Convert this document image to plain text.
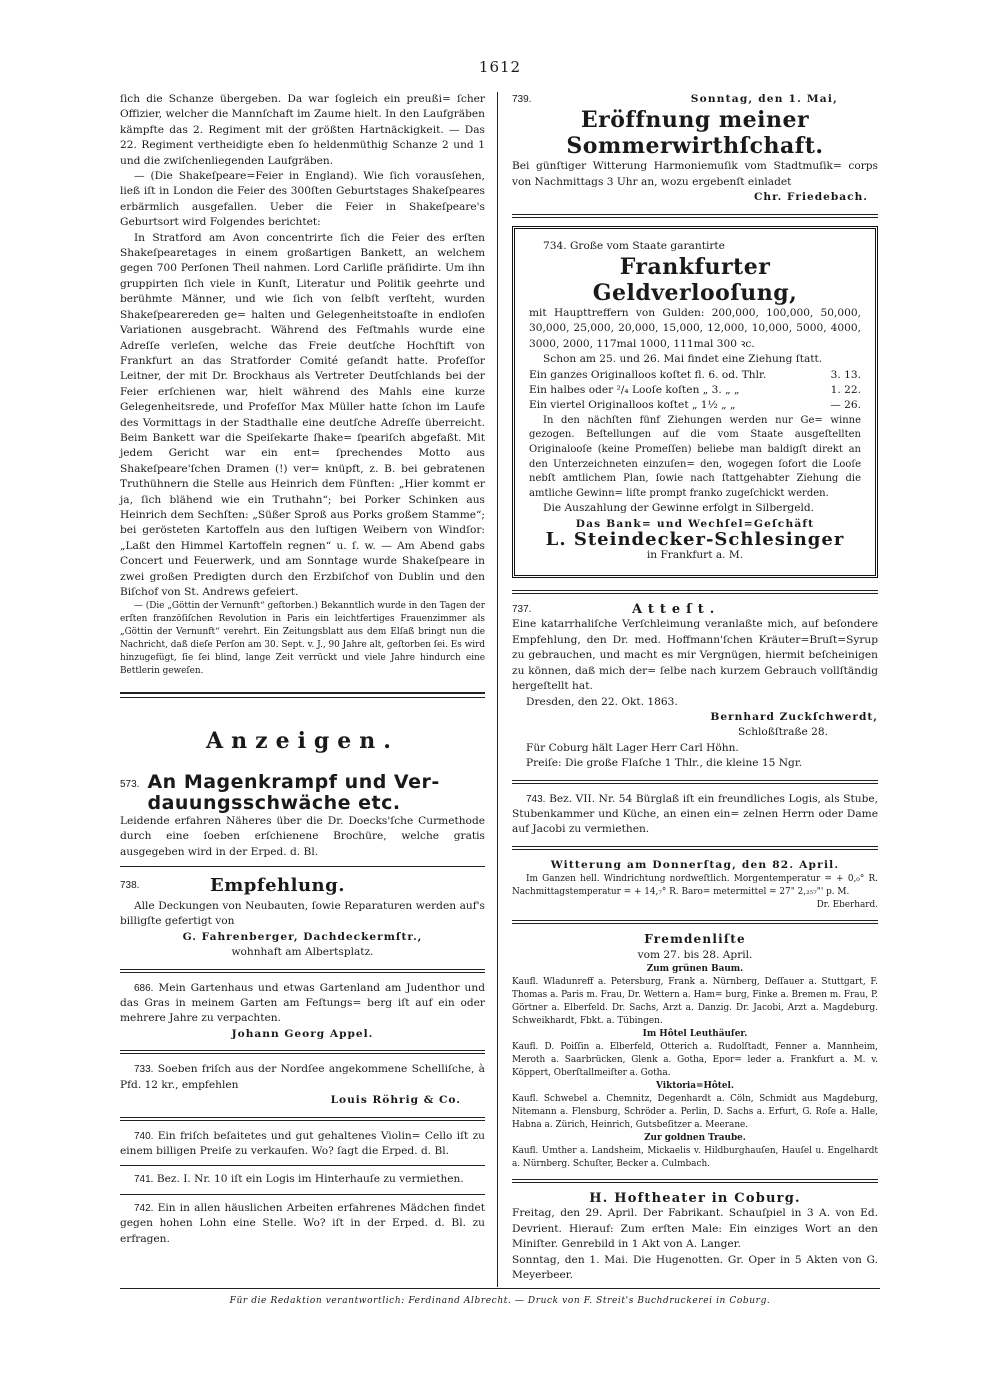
1612

ſich die Schanze übergeben. Da war ſogleich ein preußi= ſcher Offizier, welcher die Mannſchaft im Zaume hielt. In den Laufgräben kämpfte das 2. Regiment mit der größten Hartnäckigkeit. — Das 22. Regiment vertheidigte eben ſo heldenmüthig Schanze 2 und 1 und die zwiſchenliegenden Laufgräben.

— (Die Shakeſpeare=Feier in England). Wie ſich vorausſehen, ließ iſt in London die Feier des 300ſten Geburtstages Shakeſpeares erbärmlich ausgefallen. Ueber die Feier in Shakeſpeare's Geburtsort wird Folgendes berichtet:

In Stratford am Avon concentrirte ſich die Feier des erſten Shakeſpearetages in einem großartigen Bankett, an welchem gegen 700 Perſonen Theil nahmen. Lord Carliſle präſidirte. Um ihn gruppirten ſich viele in Kunſt, Literatur und Politik geehrte und berühmte Männer, und wie ſich von ſelbſt verſteht, wurden Shakeſpearereden ge= halten und Gelegenheitstoaſte in endloſen Variationen ausgebracht. Während des Feſtmahls wurde eine Adreſſe verleſen, welche das Freie deutſche Hochſtift von Frankfurt an das Stratforder Comité geſandt hatte. Profeſſor Leitner, der mit Dr. Brockhaus als Vertreter Deutſchlands bei der Feier erſchienen war, hielt während des Mahls eine kurze Gelegenheitsrede, und Profeſſor Max Müller hatte ſchon im Laufe des Vormittags in der Stadthalle eine deutſche Adreſſe überreicht. Beim Bankett war die Speiſekarte ſhake= ſpeariſch abgefaßt. Mit jedem Gericht war ein ent= ſprechendes Motto aus Shakeſpeare'ſchen Dramen (!) ver= knüpft, z. B. bei gebratenen Truthühnern die Stelle aus Heinrich dem Fünften: „Hier kommt er ja, ſich blähend wie ein Truthahn“; bei Porker Schinken aus Heinrich dem Sechſten: „Süßer Sproß aus Porks großem Stamme“; bei gerösteten Kartoffeln aus den luſtigen Weibern von Windſor: „Laßt den Himmel Kartoffeln regnen“ u. ſ. w. — Am Abend gabs Concert und Feuerwerk, und am Sonntage wurde Shakeſpeare in zwei großen Predigten durch den Erzbiſchof von Dublin und den Biſchof von St. Andrews gefeiert.

— (Die „Göttin der Vernunft“ geſtorben.) Bekanntlich wurde in den Tagen der erſten franzöſiſchen Revolution in Paris ein leichtfertiges Frauenzimmer als „Göttin der Vernunft“ verehrt. Ein Zeitungsblatt aus dem Elſaß bringt nun die Nachricht, daß dieſe Perſon am 30. Sept. v. J., 90 Jahre alt, geſtorben ſei. Es wird hinzugefügt, ſie ſei blind, lange Zeit verrückt und viele Jahre hindurch eine Bettlerin geweſen.

Anzeigen.
573. An Magenkrampf und Ver- dauungsschwäche etc.

Leidende erfahren Näheres über die Dr. Doecks'ſche Curmethode durch eine ſoeben erſchienene Brochüre, welche gratis ausgegeben wird in der Erped. d. Bl.

738.	Empfehlung.

Alle Deckungen von Neubauten, ſowie Reparaturen werden auf's billigſte gefertigt von

G. Fahrenberger, Dachdeckermſtr.,

wohnhaft am Albertsplatz.

686. Mein Gartenhaus und etwas Gartenland am Judenthor und das Gras in meinem Garten am Feſtungs= berg iſt auf ein oder mehrere Jahre zu verpachten.

Johann Georg Appel.

733. Soeben friſch aus der Nordſee angekommene Schelliſche, à Pfd. 12 kr., empfehlen

Louis Röhrig & Co.

740. Ein friſch beſaitetes und gut gehaltenes Violin= Cello iſt zu einem billigen Preiſe zu verkaufen. Wo? ſagt die Erped. d. Bl.

741. Bez. I. Nr. 10 iſt ein Logis im Hinterhauſe zu vermiethen.

742. Ein in allen häuslichen Arbeiten erfahrenes Mädchen findet gegen hohen Lohn eine Stelle. Wo? iſt in der Erped. d. Bl. zu erfragen.

739.	Sonntag, den 1. Mai,
Eröffnung meiner Sommerwirthſchaft.

Bei günſtiger Witterung Harmoniemuſik vom Stadtmuſik= corps von Nachmittags 3 Uhr an, wozu ergebenſt einladet

Chr. Friedebach.

734. Große vom Staate garantirte

Frankfurter Geldverlooſung,

mit Haupttreffern von Gulden: 200,000, 100,000, 50,000, 30,000, 25,000, 20,000, 15,000, 12,000, 10,000, 5000, 4000, 3000, 2000, 117mal 1000, 111mal 300 ꝛc.

Schon am 25. und 26. Mai findet eine Ziehung ſtatt.

Ein ganzes Originalloos koſtet fl. 6. od. Thlr.	3. 13.
Ein halbes oder ²/₄ Looſe koſten „ 3. „ „	1. 22.
Ein viertel Originalloos koſtet „ 1½ „ „	— 26.

In den nächſten fünf Ziehungen werden nur Ge= winne gezogen. Beſtellungen auf die vom Staate ausgeſtellten Originalooſe (keine Promeſſen) beliebe man baldigſt direkt an den Unterzeichneten einzuſen= den, wogegen ſofort die Looſe nebſt amtlichem Plan, ſowie nach ſtattgehabter Ziehung die amtliche Gewinn= liſte prompt franko zugeſchickt werden.

Die Auszahlung der Gewinne erfolgt in Silbergeld.

Das Bank= und Wechſel=Geſchäft
L. Steindecker-Schlesinger
in Frankfurt a. M.
737.	Atteſt.

Eine katarrhaliſche Verſchleimung veranlaßte mich, auf beſondere Empfehlung, den Dr. med. Hoffmann'ſchen Kräuter=Bruſt=Syrup zu gebrauchen, und macht es mir Vergnügen, hiermit beſcheinigen zu können, daß mich der= ſelbe nach kurzem Gebrauch vollſtändig hergeſtellt hat.

Dresden, den 22. Okt. 1863.

Bernhard Zuckſchwerdt,

Schloßſtraße 28.

Für Coburg hält Lager Herr Carl Höhn.

Preiſe: Die große Flaſche 1 Thlr., die kleine 15 Ngr.

743. Bez. VII. Nr. 54 Bürglaß iſt ein freundliches Logis, als Stube, Stubenkammer und Küche, an einen ein= zelnen Herrn oder Dame auf Jacobi zu vermiethen.

Witterung am Donnerſtag, den 82. April.

Im Ganzen hell. Windrichtung nordweſtlich. Morgentemperatur = + 0,₀° R. Nachmittagstemperatur = + 14,₇° R. Baro= metermittel = 27" 2,₂₅₇"' p. M.

Dr. Eberhard.

Fremdenliſte
vom 27. bis 28. April.
Zum grünen Baum.

Kaufl. Wladunreff a. Petersburg, Frank a. Nürnberg, Deſſauer a. Stuttgart, F. Thomas a. Paris m. Frau, Dr. Wettern a. Ham= burg, Finke a. Bremen m. Frau, P. Görtner a. Elberfeld. Dr. Sachs, Arzt a. Danzig. Dr. Jacobi, Arzt a. Magdeburg. Schweikhardt, Fbkt. a. Tübingen.

Im Hôtel Leuthäuſer.

Kaufl. D. Poiſſin a. Elberfeld, Otterich a. Rudolſtadt, Fenner a. Mannheim, Meroth a. Saarbrücken, Glenk a. Gotha, Epor= leder a. Frankfurt a. M. v. Köppert, Oberſtallmeiſter a. Gotha.

Viktoria=Hôtel.

Kaufl. Schwebel a. Chemnitz, Degenhardt a. Cöln, Schmidt aus Magdeburg, Nitemann a. Flensburg, Schröder a. Perlin, D. Sachs a. Erfurt, G. Roſe a. Halle, Habna a. Zürich, Heinrich, Gutsbeſitzer a. Meerane.

Zur goldnen Traube.

Kaufl. Umther a. Landsheim, Mickaelis v. Hildburghauſen, Hauſel u. Engelhardt a. Nürnberg. Schuſter, Becker a. Culmbach.

H. Hoftheater in Coburg.

Freitag, den 29. April. Der Fabrikant. Schauſpiel in 3 A. von Ed. Devrient. Hierauf: Zum erſten Male: Ein einziges Wort an den Miniſter. Genrebild in 1 Akt von A. Langer.

Sonntag, den 1. Mai. Die Hugenotten. Gr. Oper in 5 Akten von G. Meyerbeer.

Für die Redaktion verantwortlich: Ferdinand Albrecht. — Druck von F. Streit's Buchdruckerei in Coburg.
